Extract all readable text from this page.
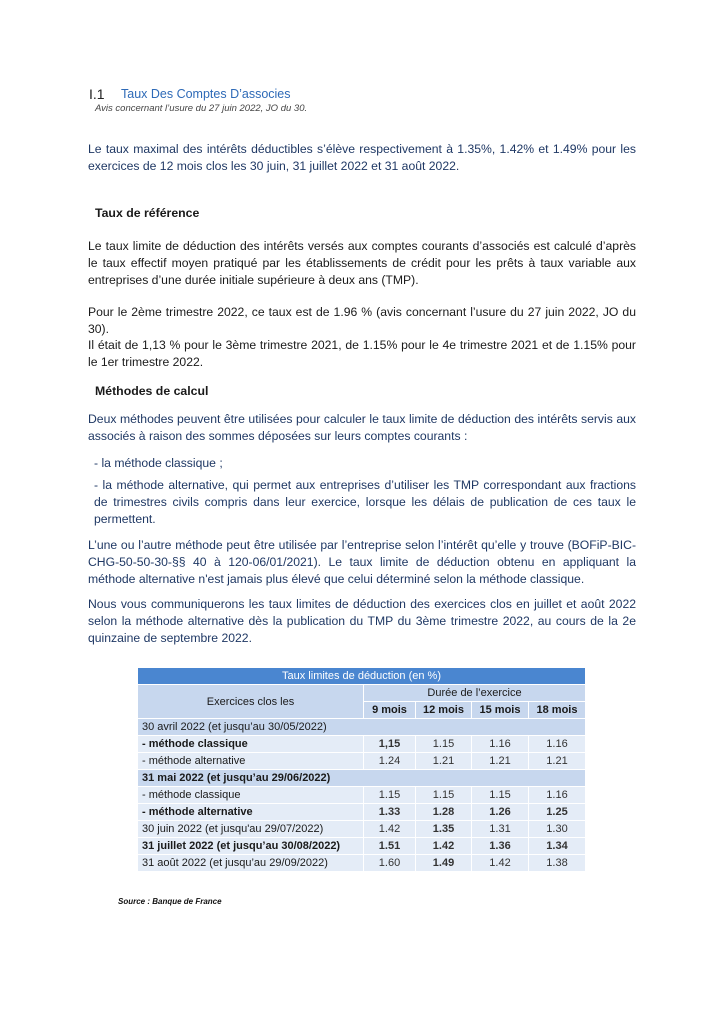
I.1 Taux Des Comptes D’associes
Avis concernant l’usure du 27 juin 2022, JO du 30.
Le taux maximal des intérêts déductibles s’élève respectivement à 1.35%, 1.42% et 1.49% pour les exercices de 12 mois clos les 30 juin, 31 juillet 2022 et 31 août 2022.
Taux de référence
Le taux limite de déduction des intérêts versés aux comptes courants d’associés est calculé d’après le taux effectif moyen pratiqué par les établissements de crédit pour les prêts à taux variable aux entreprises d’une durée initiale supérieure à deux ans (TMP).
Pour le 2ème trimestre 2022, ce taux est de 1.96 % (avis concernant l’usure du 27 juin 2022, JO du 30).
Il était de 1,13 % pour le 3ème trimestre 2021, de 1.15% pour le 4e trimestre 2021 et de 1.15% pour le 1er trimestre 2022.
Méthodes de calcul
Deux méthodes peuvent être utilisées pour calculer le taux limite de déduction des intérêts servis aux associés à raison des sommes déposées sur leurs comptes courants :
- la méthode classique ;
- la méthode alternative, qui permet aux entreprises d’utiliser les TMP correspondant aux fractions de trimestres civils compris dans leur exercice, lorsque les délais de publication de ces taux le permettent.
L’une ou l’autre méthode peut être utilisée par l’entreprise selon l’intérêt qu’elle y trouve (BOFiP-BIC-CHG-50-50-30-§§ 40 à 120-06/01/2021). Le taux limite de déduction obtenu en appliquant la méthode alternative n'est jamais plus élevé que celui déterminé selon la méthode classique.
Nous vous communiquerons les taux limites de déduction des exercices clos en juillet et août 2022 selon la méthode alternative dès la publication du TMP du 3ème trimestre 2022, au cours de la 2e quinzaine de septembre 2022.
Taux limites de déduction (en %)				
Exercices clos les	Durée de l’exercice			
	9 mois	12 mois	15 mois	18 mois
30 avril 2022 (et jusqu’au 30/05/2022)				
- méthode classique	1,15	1.15	1.16	1.16
- méthode alternative	1.24	1.21	1.21	1.21
31 mai 2022 (et jusqu’au 29/06/2022)				
- méthode classique	1.15	1.15	1.15	1.16
- méthode alternative	1.33	1.28	1.26	1.25
30 juin 2022 (et jusqu'au 29/07/2022)	1.42	1.35	1.31	1.30
31 juillet 2022 (et jusqu’au 30/08/2022)	1.51	1.42	1.36	1.34
31 août 2022 (et jusqu’au 29/09/2022)	1.60	1.49	1.42	1.38
Source : Banque de France
